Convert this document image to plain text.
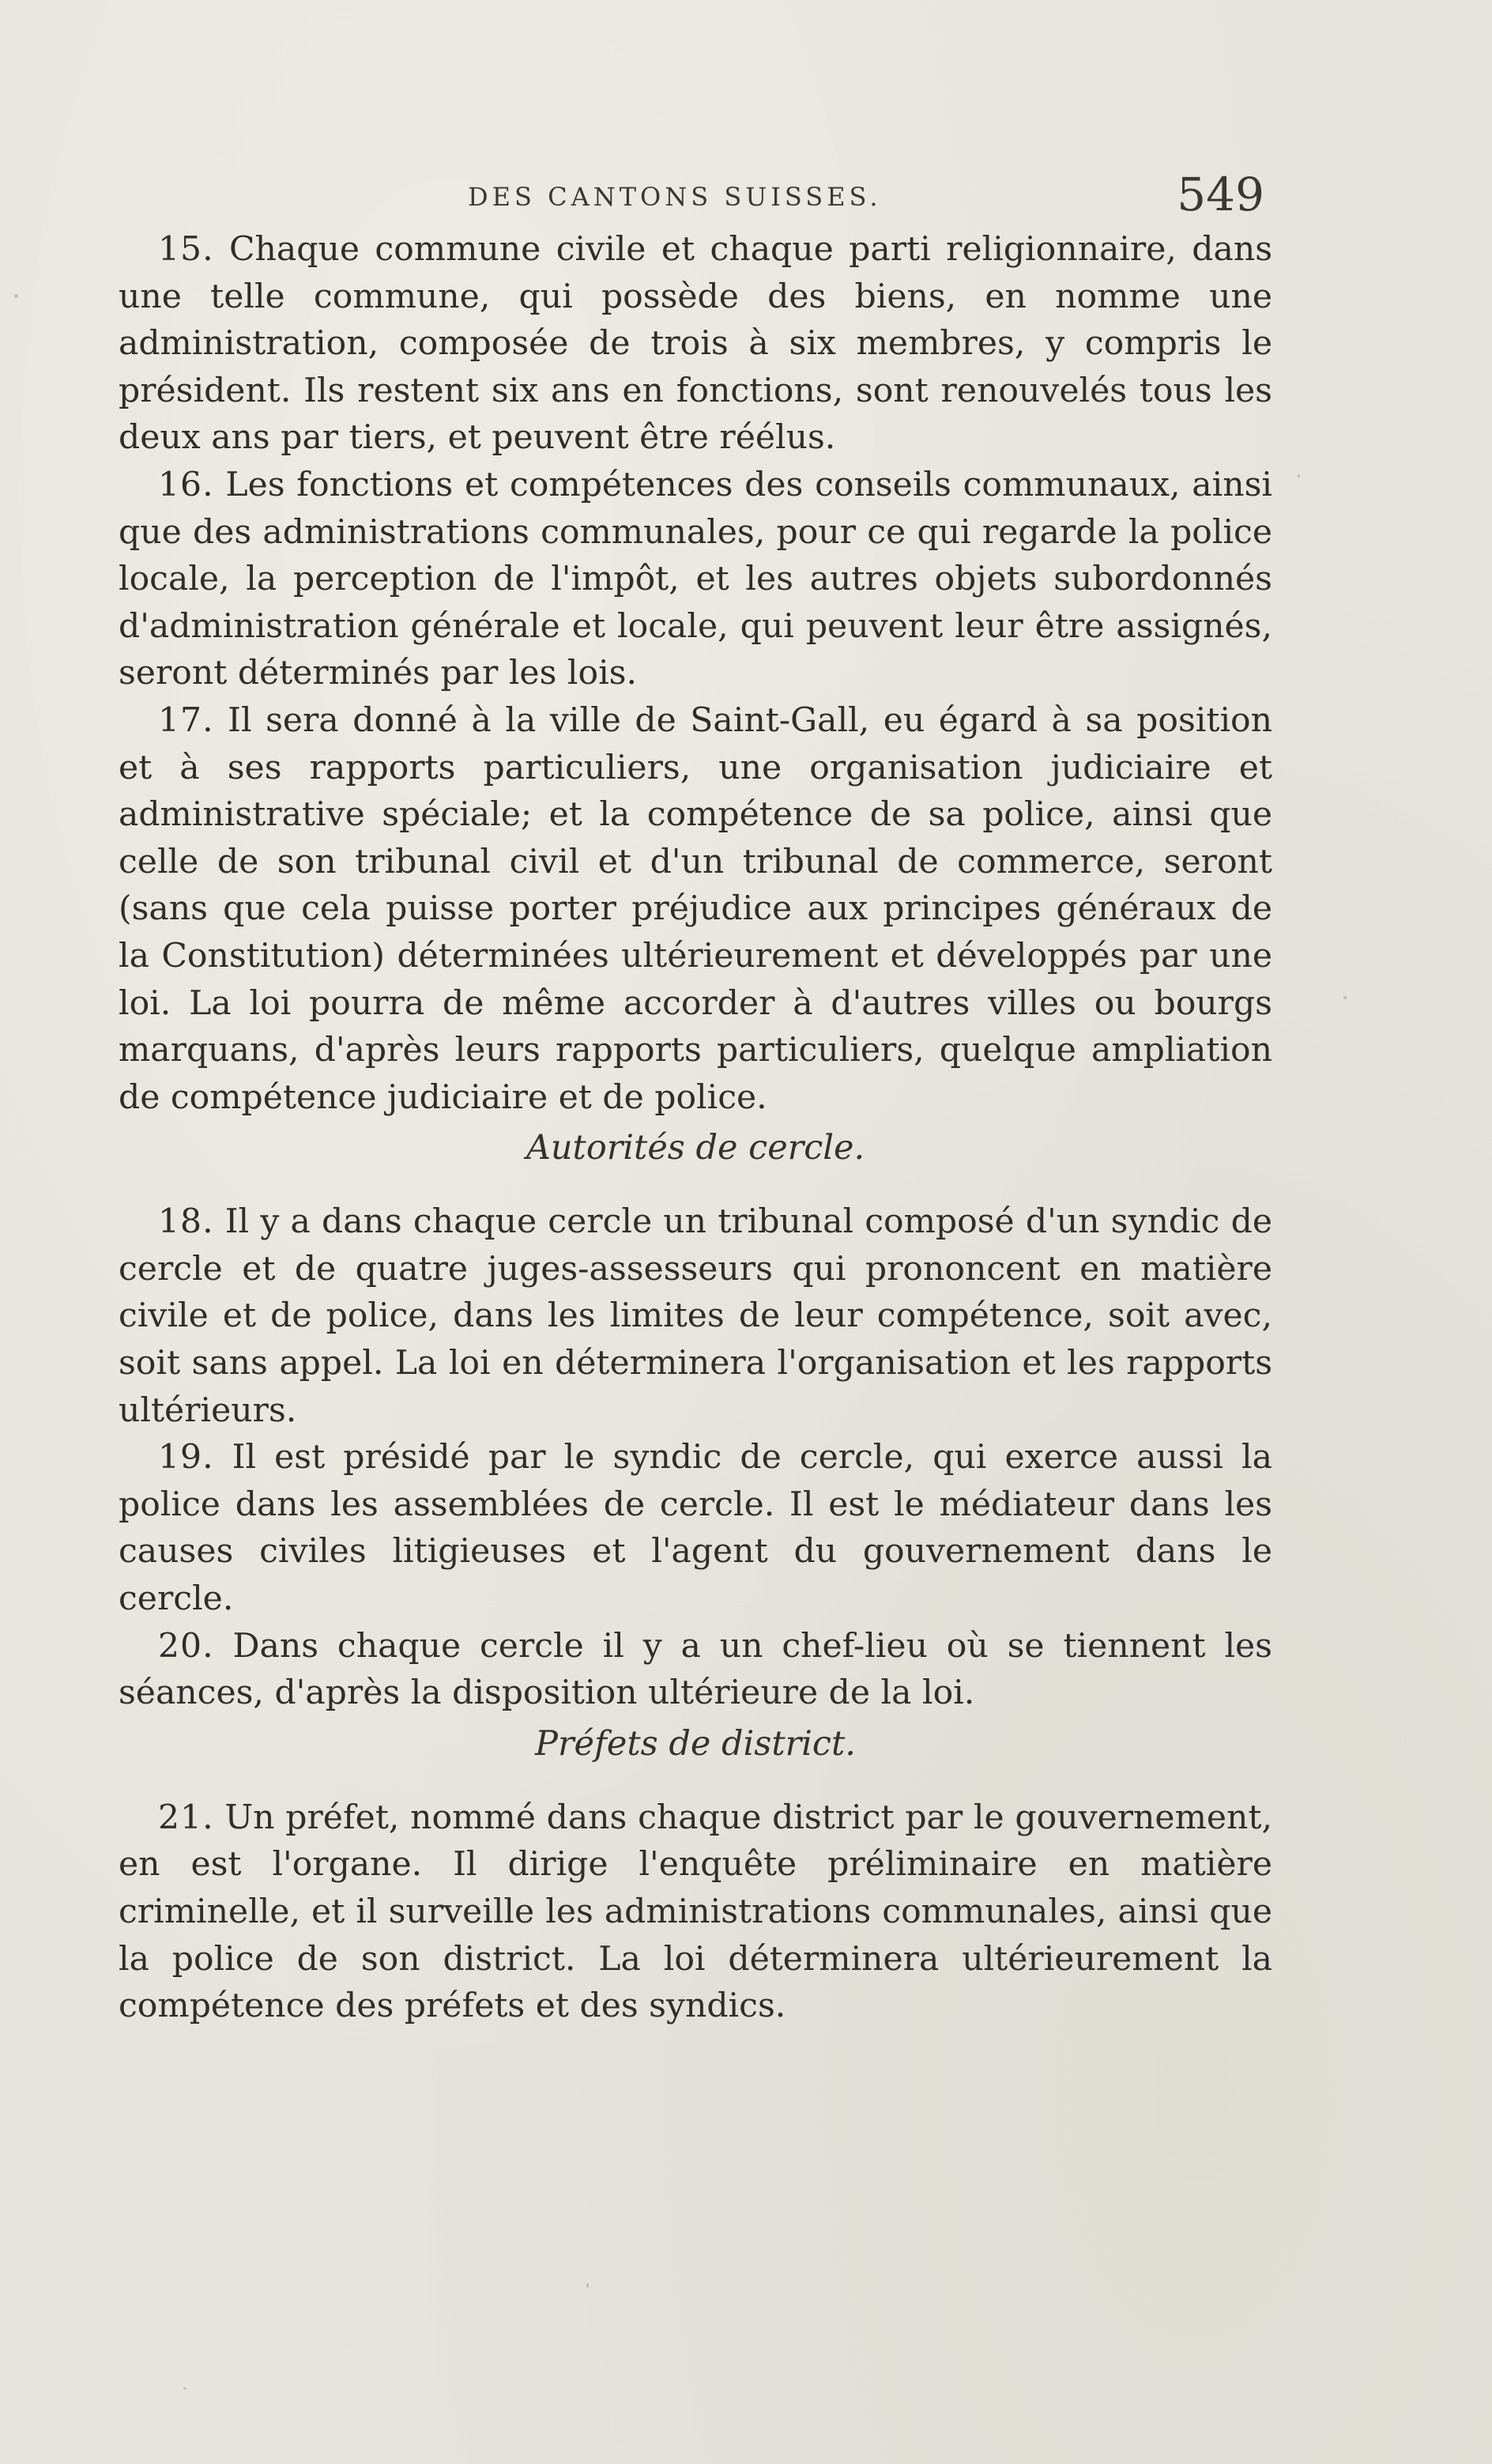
DES CANTONS SUISSES.	549

15. Chaque commune civile et chaque parti religionnaire, dans une telle commune, qui possède des biens, en nomme une administration, composée de trois à six membres, y compris le président. Ils restent six ans en fonctions, sont renouvelés tous les deux ans par tiers, et peuvent être réélus.

16. Les fonctions et compétences des conseils communaux, ainsi que des administrations communales, pour ce qui regarde la police locale, la perception de l'impôt, et les autres objets subordonnés d'administration générale et locale, qui peuvent leur être assignés, seront déterminés par les lois.

17. Il sera donné à la ville de Saint-Gall, eu égard à sa position et à ses rapports particuliers, une organisation judiciaire et administrative spéciale; et la compétence de sa police, ainsi que celle de son tribunal civil et d'un tribunal de commerce, seront (sans que cela puisse porter préjudice aux principes généraux de la Constitution) déterminées ultérieurement et développés par une loi. La loi pourra de même accorder à d'autres villes ou bourgs marquans, d'après leurs rapports particuliers, quelque ampliation de compétence judiciaire et de police.

Autorités de cercle.

18. Il y a dans chaque cercle un tribunal composé d'un syndic de cercle et de quatre juges-assesseurs qui prononcent en matière civile et de police, dans les limites de leur compétence, soit avec, soit sans appel. La loi en déterminera l'organisation et les rapports ultérieurs.

19. Il est présidé par le syndic de cercle, qui exerce aussi la police dans les assemblées de cercle. Il est le médiateur dans les causes civiles litigieuses et l'agent du gouvernement dans le cercle.

20. Dans chaque cercle il y a un chef-lieu où se tiennent les séances, d'après la disposition ultérieure de la loi.

Préfets de district.

21. Un préfet, nommé dans chaque district par le gouvernement, en est l'organe. Il dirige l'enquête préliminaire en matière criminelle, et il surveille les administrations communales, ainsi que la police de son district. La loi déterminera ultérieurement la compétence des préfets et des syndics.
